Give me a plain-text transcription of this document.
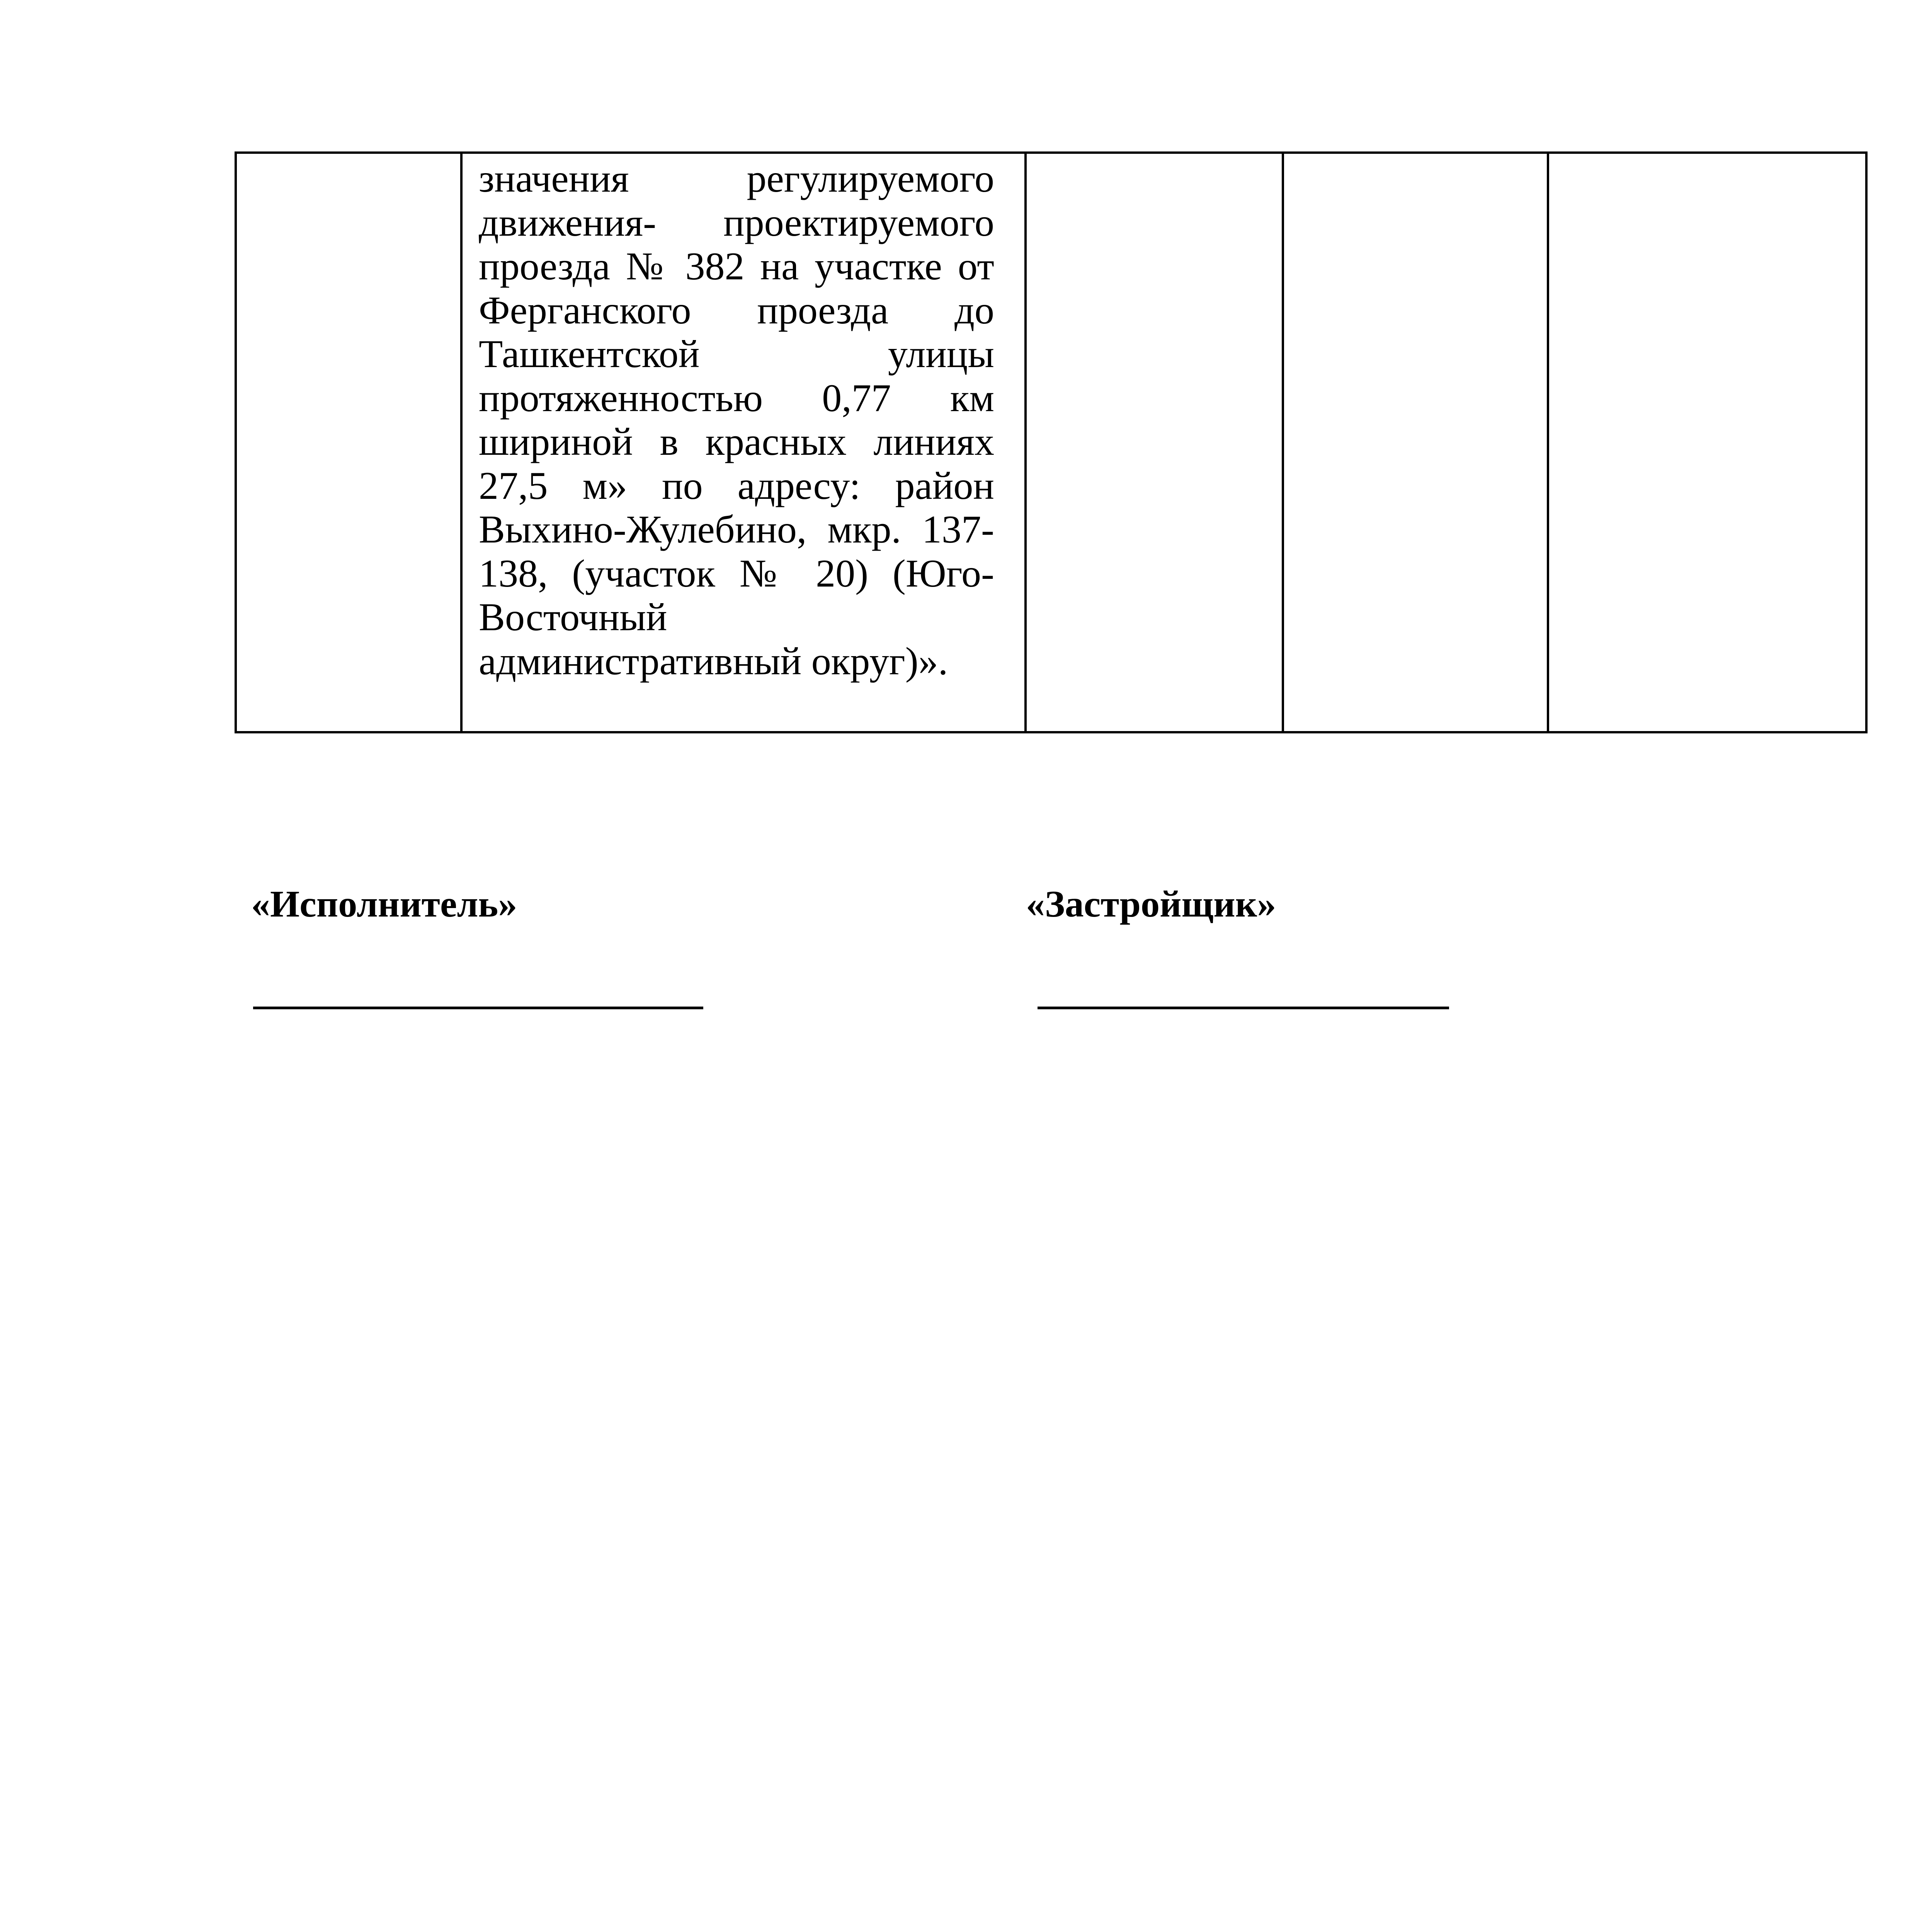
значения регулируемого
движения- проектируемого
проезда № 382 на участке от
Ферганского проезда до
Ташкентской улицы
протяженностью 0,77 км
шириной в красных линиях
27,5 м» по адресу: район
Выхино-Жулебино, мкр. 137-
138, (участок № 20) (Юго-
Восточный
административный округ)».

«Исполнитель»	«Застройщик»
